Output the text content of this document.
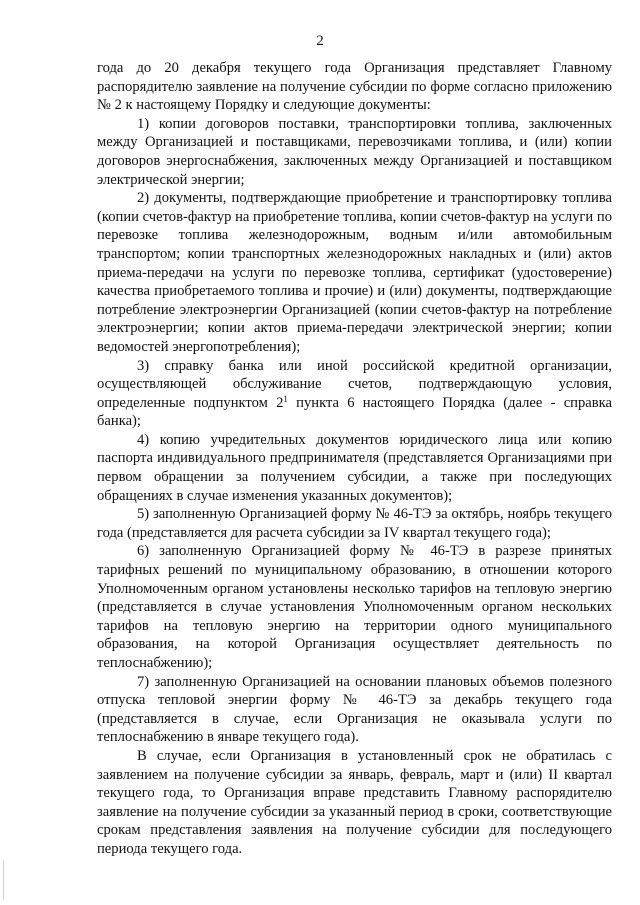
2

года до 20 декабря текущего года Организация представляет Главному распорядителю заявление на получение субсидии по форме согласно приложению № 2 к настоящему Порядку и следующие документы:

1) копии договоров поставки, транспортировки топлива, заключенных между Организацией и поставщиками, перевозчиками топлива, и (или) копии договоров энергоснабжения, заключенных между Организацией и поставщиком электрической энергии;

2) документы, подтверждающие приобретение и транспортировку топлива (копии счетов-фактур на приобретение топлива, копии счетов-фактур на услуги по перевозке топлива железнодорожным, водным и/или автомобильным транспортом; копии транспортных железнодорожных накладных и (или) актов приема-передачи на услуги по перевозке топлива, сертификат (удостоверение) качества приобретаемого топлива и прочие) и (или) документы, подтверждающие потребление электроэнергии Организацией (копии счетов-фактур на потребление электроэнергии; копии актов приема-передачи электрической энергии; копии ведомостей энергопотребления);

3) справку банка или иной российской кредитной организации, осуществляющей обслуживание счетов, подтверждающую условия, определенные подпунктом $2^1$ пункта 6 настоящего Порядка (далее - справка банка);

4) копию учредительных документов юридического лица или копию паспорта индивидуального предпринимателя (представляется Организациями при первом обращении за получением субсидии, а также при последующих обращениях в случае изменения указанных документов);

5) заполненную Организацией форму № 46-ТЭ за октябрь, ноябрь текущего года (представляется для расчета субсидии за IV квартал текущего года);

6) заполненную Организацией форму № 46-ТЭ в разрезе принятых тарифных решений по муниципальному образованию, в отношении которого Уполномоченным органом установлены несколько тарифов на тепловую энергию (представляется в случае установления Уполномоченным органом нескольких тарифов на тепловую энергию на территории одного муниципального образования, на которой Организация осуществляет деятельность по теплоснабжению);

7) заполненную Организацией на основании плановых объемов полезного отпуска тепловой энергии форму № 46-ТЭ за декабрь текущего года (представляется в случае, если Организация не оказывала услуги по теплоснабжению в январе текущего года).

В случае, если Организация в установленный срок не обратилась с заявлением на получение субсидии за январь, февраль, март и (или) II квартал текущего года, то Организация вправе представить Главному распорядителю заявление на получение субсидии за указанный период в сроки, соответствующие срокам представления заявления на получение субсидии для последующего периода текущего года.
